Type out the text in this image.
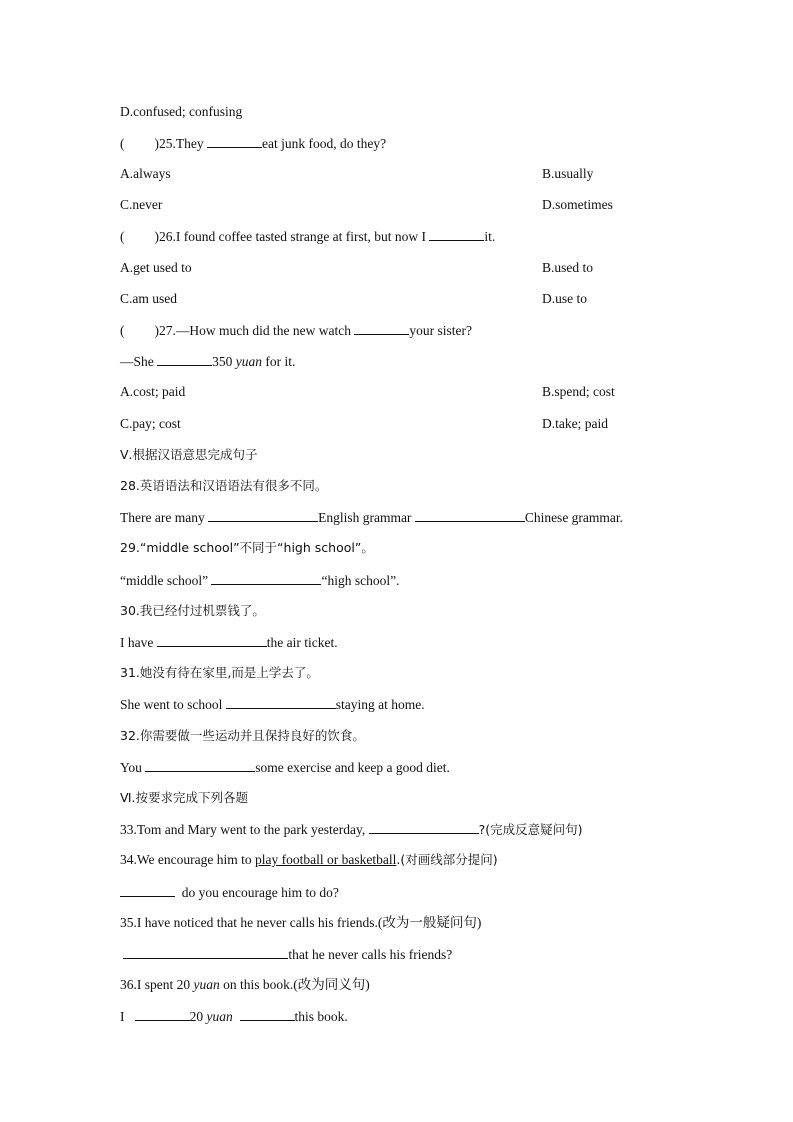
D.confused; confusing
( )25.They	eat junk food, do they?
A.always	B.usually
C.never	D.sometimes
( )26.I found coffee tasted strange at first, but now I	it.
A.get used to	B.used to
C.am used	D.use to
( )27.—How much did the new watch	your sister?
—She	350 yuan for it.
A.cost; paid	B.spend; cost
C.pay; cost	D.take; paid
Ⅴ.根据汉语意思完成句子
28.英语语法和汉语语法有很多不同。
There are many	English grammar	Chinese grammar.
29.“middle school”不同于“high school”。
“middle school”	“high school”.
30.我已经付过机票钱了。
I have	the air ticket.
31.她没有待在家里,而是上学去了。
She went to school	staying at home.
32.你需要做一些运动并且保持良好的饮食。
You	some exercise and keep a good diet.
Ⅵ.按要求完成下列各题
33.Tom and Mary went to the park yesterday,	?(完成反意疑问句)
34.We encourage him to play football or basketball.(对画线部分提问)
do you encourage him to do?
35.I have noticed that he never calls his friends.(改为一般疑问句)
that he never calls his friends?
36.I spent 20 yuan on this book.(改为同义句)
I	20 yuan	this book.
